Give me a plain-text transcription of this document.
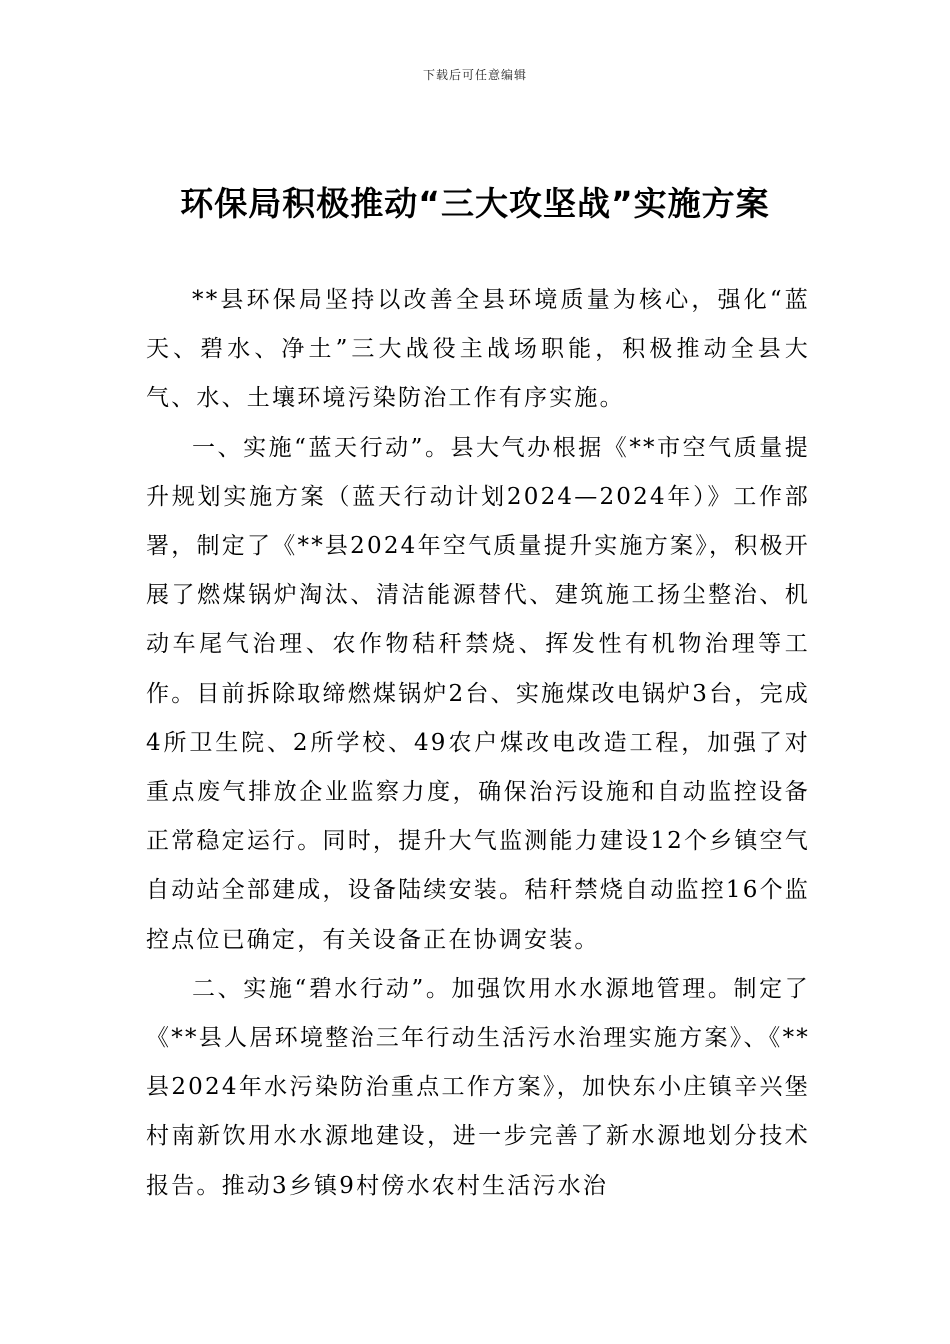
下载后可任意编辑
环保局积极推动“三大攻坚战”实施方案

**县环保局坚持以改善全县环境质量为核心，强化“蓝天、碧水、净土”三大战役主战场职能，积极推动全县大气、水、土壤环境污染防治工作有序实施。

一、实施“蓝天行动”。县大气办根据《**市空气质量提升规划实施方案（蓝天行动计划2024—2024年）》工作部署，制定了《**县2024年空气质量提升实施方案》，积极开展了燃煤锅炉淘汰、清洁能源替代、建筑施工扬尘整治、机动车尾气治理、农作物秸秆禁烧、挥发性有机物治理等工作。目前拆除取缔燃煤锅炉2台、实施煤改电锅炉3台，完成4所卫生院、2所学校、49农户煤改电改造工程，加强了对重点废气排放企业监察力度，确保治污设施和自动监控设备正常稳定运行。同时，提升大气监测能力建设12个乡镇空气自动站全部建成，设备陆续安装。秸秆禁烧自动监控16个监控点位已确定，有关设备正在协调安装。

二、实施“碧水行动”。加强饮用水水源地管理。制定了《**县人居环境整治三年行动生活污水治理实施方案》、《**县2024年水污染防治重点工作方案》，加快东小庄镇辛兴堡村南新饮用水水源地建设，进一步完善了新水源地划分技术报告。推动3乡镇9村傍水农村生活污水治
